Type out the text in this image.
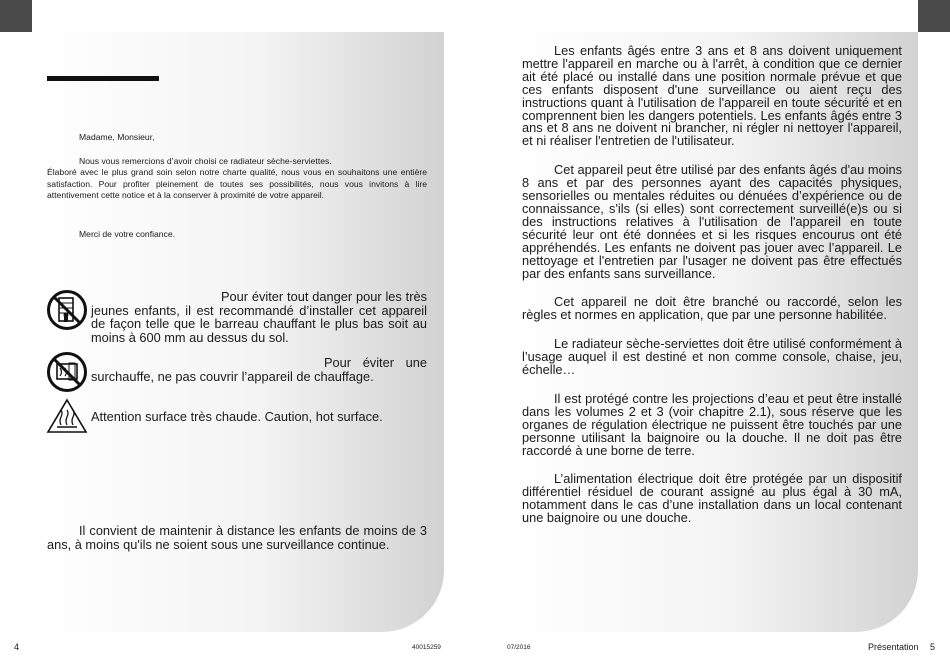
Madame, Monsieur,

Nous vous remercions d’avoir choisi ce radiateur sèche-serviettes.

Élaboré avec le plus grand soin selon notre charte qualité, nous vous en souhaitons une entière satisfaction. Pour profiter pleinement de toutes ses possibilités, nous vous invitons à lire attentivement cette notice et à la conserver à proximité de votre appareil.

Merci de votre confiance.

Pour éviter tout danger pour les très jeunes enfants, il est recommandé d’installer cet appareil de façon telle que le barreau chauffant le plus bas soit au moins à 600 mm au dessus du sol.
Pour éviter une surchauffe, ne pas couvrir l’appareil de chauffage.
Attention surface très chaude. Caution, hot surface.

Il convient de maintenir à distance les enfants de moins de 3 ans, à moins qu'ils ne soient sous une surveillance continue.

Les enfants âgés entre 3 ans et 8 ans doivent uniquement mettre l'appareil en marche ou à l'arrêt, à condition que ce dernier ait été placé ou installé dans une position normale prévue et que ces enfants disposent d'une surveillance ou aient reçu des instructions quant à l'utilisation de l'appareil en toute sécurité et en comprennent bien les dangers potentiels. Les enfants âgés entre 3 ans et 8 ans ne doivent ni brancher, ni régler ni nettoyer l'appareil, et ni réaliser l'entretien de l'utilisateur.

Cet appareil peut être utilisé par des enfants âgés d'au moins 8 ans et par des personnes ayant des capacités physiques, sensorielles ou mentales réduites ou dénuées d’expérience ou de connaissance, s'ils (si elles) sont correctement surveillé(e)s ou si des instructions relatives à l'utilisation de l'appareil en toute sécurité leur ont été données et si les risques encourus ont été appréhendés. Les enfants ne doivent pas jouer avec l’appareil. Le nettoyage et l'entretien par l'usager ne doivent pas être effectués par des enfants sans surveillance.

Cet appareil ne doit être branché ou raccordé, selon les règles et normes en application, que par une personne habilitée.

Le radiateur sèche-serviettes doit être utilisé conformément à l’usage auquel il est destiné et non comme console, chaise, jeu, échelle…

Il est protégé contre les projections d’eau et peut être installé dans les volumes 2 et 3 (voir chapitre 2.1), sous réserve que les organes de régulation électrique ne puissent être touchés par une personne utilisant la baignoire ou la douche. Il ne doit pas être raccordé à une borne de terre.

L’alimentation électrique doit être protégée par un dispositif différentiel résiduel de courant assigné au plus égal à 30 mA, notamment dans le cas d’une installation dans un local contenant une baignoire ou une douche.

4	40015259	07/2016	Présentation 5
